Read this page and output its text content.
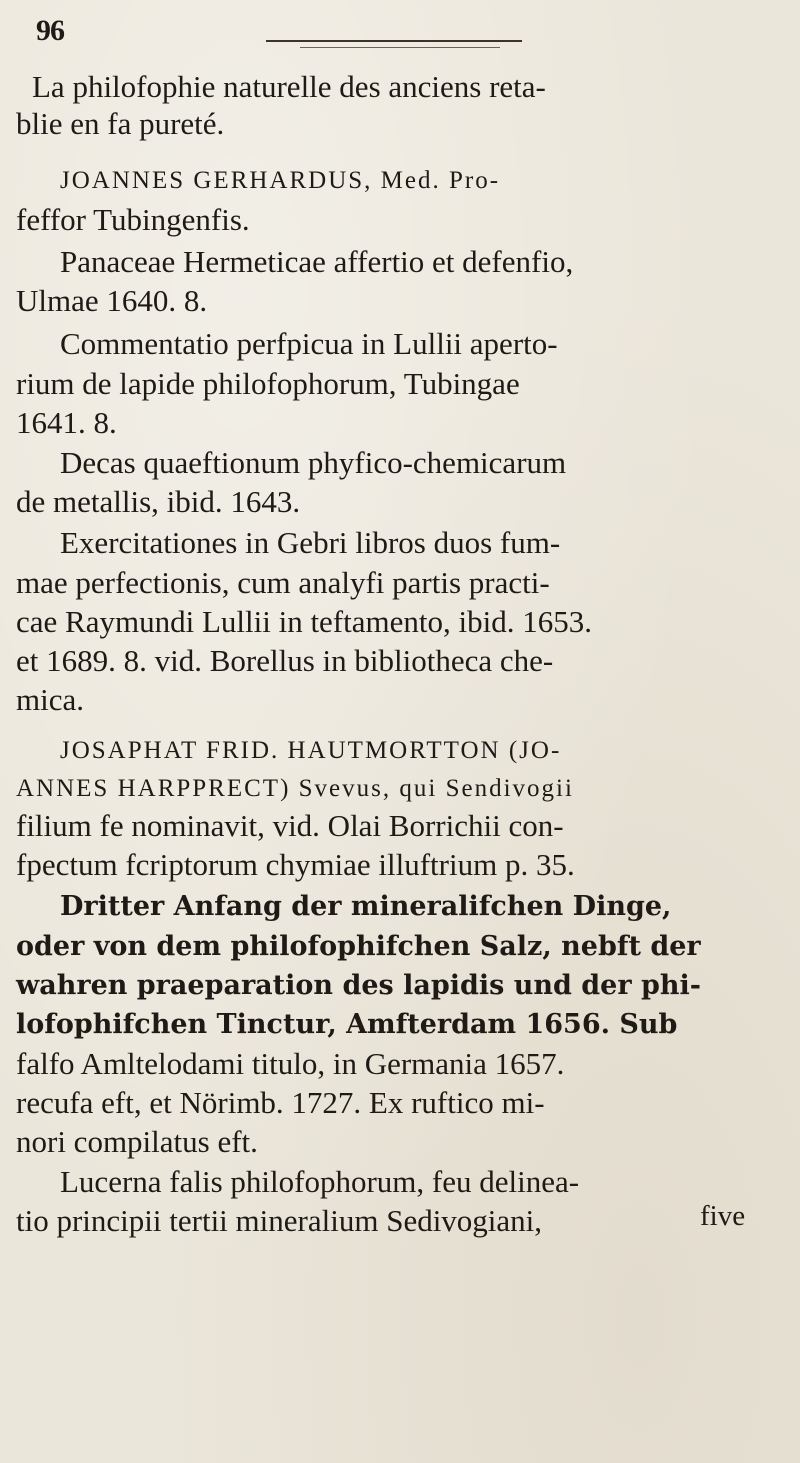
96
La philofophie naturelle des anciens reta-
blie en fa pureté.
JOANNES GERHARDUS, Med. Pro-
feffor Tubingenfis.
Panaceae Hermeticae affertio et defenfio,
Ulmae 1640. 8.
Commentatio perfpicua in Lullii aperto-
rium de lapide philofophorum, Tubingae
1641. 8.
Decas quaeftionum phyfico-chemicarum
de metallis, ibid. 1643.
Exercitationes in Gebri libros duos fum-
mae perfectionis, cum analyfi partis practi-
cae Raymundi Lullii in teftamento, ibid. 1653.
et 1689. 8. vid. Borellus in bibliotheca che-
mica.
JOSAPHAT FRID. HAUTMORTTON (JO-
ANNES HARPPRECT) Svevus, qui Sendivogii
filium fe nominavit, vid. Olai Borrichii con-
fpectum fcriptorum chymiae illuftrium p. 35.
Dritter Anfang der mineralifchen Dinge,
oder von dem philofophifchen Salz, nebft der
wahren praeparation des lapidis und der phi-
lofophifchen Tinctur, Amfterdam 1656. Sub
falfo Amltelodami titulo, in Germania 1657.
recufa eft, et Nörimb. 1727. Ex ruftico mi-
nori compilatus eft.
Lucerna falis philofophorum, feu delinea-
tio principii tertii mineralium Sedivogiani,	five
